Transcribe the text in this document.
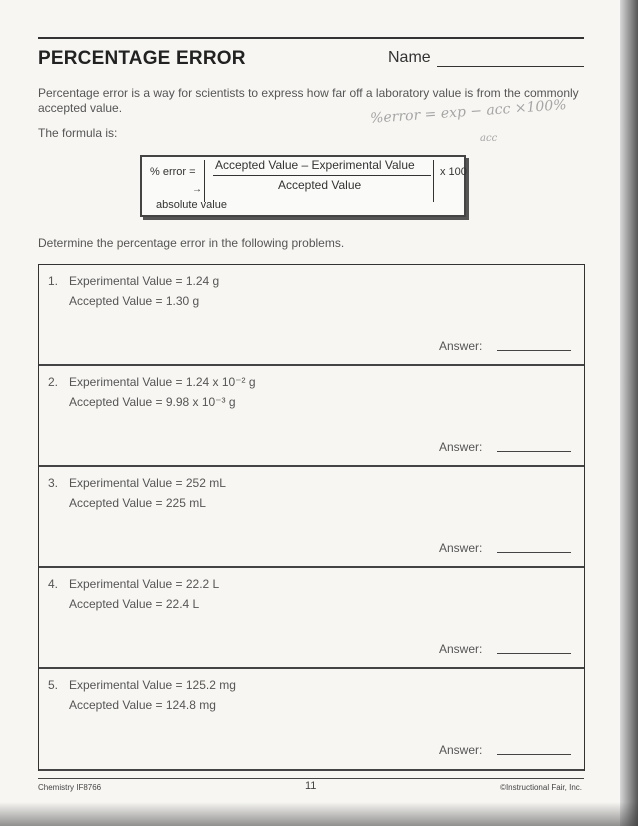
PERCENTAGE ERROR	Name

Percentage error is a way for scientists to express how far off a laboratory value is from the commonly accepted value.

The formula is:
%error = exp − acc ×100%
acc
% error = Accepted Value – Experimental Value
Accepted Value
x 100
→
absolute value
Determine the percentage error in the following problems.
1. Experimental Value = 1.24 g
Accepted Value = 1.30 g
Answer:
2. Experimental Value = 1.24 x 10⁻² g
Accepted Value = 9.98 x 10⁻³ g
Answer:
3. Experimental Value = 252 mL
Accepted Value = 225 mL
Answer:
4. Experimental Value = 22.2 L
Accepted Value = 22.4 L
Answer:
5. Experimental Value = 125.2 mg
Accepted Value = 124.8 mg
Answer:
Chemistry IF8766	11	©Instructional Fair, Inc.
